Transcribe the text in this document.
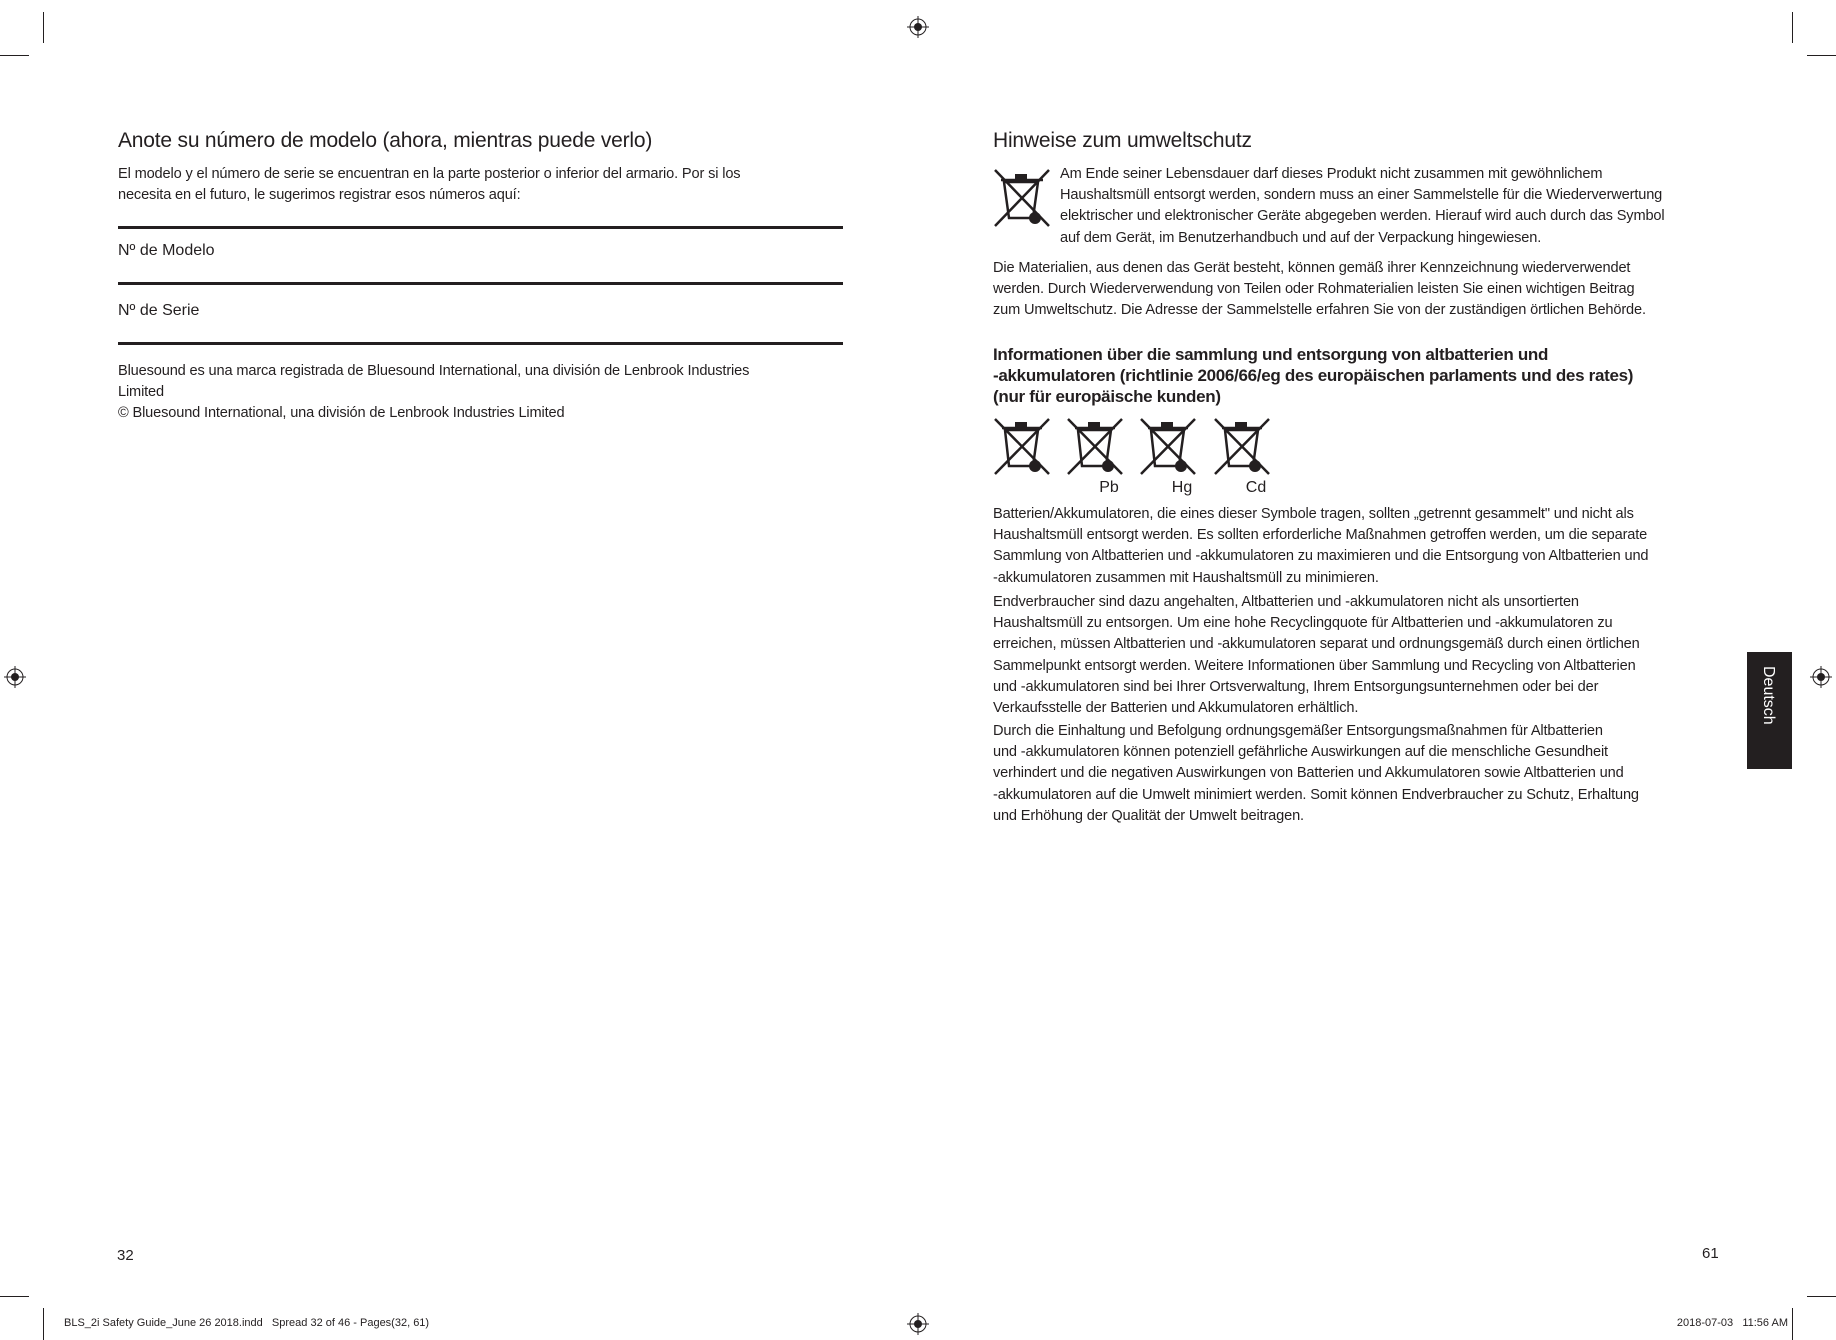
Anote su número de modelo (ahora, mientras puede verlo)
El modelo y el número de serie se encuentran en la parte posterior o inferior del armario. Por si los
necesita en el futuro, le sugerimos registrar esos números aquí:
Nº de Modelo
Nº de Serie
Bluesound es una marca registrada de Bluesound International, una división de Lenbrook Industries
Limited
© Bluesound International, una división de Lenbrook Industries Limited
32
Hinweise zum umweltschutz
Am Ende seiner Lebensdauer darf dieses Produkt nicht zusammen mit gewöhnlichem
Haushaltsmüll entsorgt werden, sondern muss an einer Sammelstelle für die Wiederverwertung
elektrischer und elektronischer Geräte abgegeben werden. Hierauf wird auch durch das Symbol
auf dem Gerät, im Benutzerhandbuch und auf der Verpackung hingewiesen.
Die Materialien, aus denen das Gerät besteht, können gemäß ihrer Kennzeichnung wiederverwendet
werden. Durch Wiederverwendung von Teilen oder Rohmaterialien leisten Sie einen wichtigen Beitrag
zum Umweltschutz. Die Adresse der Sammelstelle erfahren Sie von der zuständigen örtlichen Behörde.
Informationen über die sammlung und entsorgung von altbatterien und
-akkumulatoren (richtlinie 2006/66/eg des europäischen parlaments und des rates)
(nur für europäische kunden)
Pb	Hg	Cd
Batterien/Akkumulatoren, die eines dieser Symbole tragen, sollten „getrennt gesammelt" und nicht als
Haushaltsmüll entsorgt werden. Es sollten erforderliche Maßnahmen getroffen werden, um die separate
Sammlung von Altbatterien und -akkumulatoren zu maximieren und die Entsorgung von Altbatterien und
-akkumulatoren zusammen mit Haushaltsmüll zu minimieren.
Endverbraucher sind dazu angehalten, Altbatterien und -akkumulatoren nicht als unsortierten
Haushaltsmüll zu entsorgen. Um eine hohe Recyclingquote für Altbatterien und -akkumulatoren zu
erreichen, müssen Altbatterien und -akkumulatoren separat und ordnungsgemäß durch einen örtlichen
Sammelpunkt entsorgt werden. Weitere Informationen über Sammlung und Recycling von Altbatterien
und -akkumulatoren sind bei Ihrer Ortsverwaltung, Ihrem Entsorgungsunternehmen oder bei der
Verkaufsstelle der Batterien und Akkumulatoren erhältlich.
Durch die Einhaltung und Befolgung ordnungsgemäßer Entsorgungsmaßnahmen für Altbatterien
und -akkumulatoren können potenziell gefährliche Auswirkungen auf die menschliche Gesundheit
verhindert und die negativen Auswirkungen von Batterien und Akkumulatoren sowie Altbatterien und
-akkumulatoren auf die Umwelt minimiert werden. Somit können Endverbraucher zu Schutz, Erhaltung
und Erhöhung der Qualität der Umwelt beitragen.
Deutsch
61
BLS_2i Safety Guide_June 26 2018.indd   Spread 32 of 46 - Pages(32, 61)	2018-07-03   11:56 AM
